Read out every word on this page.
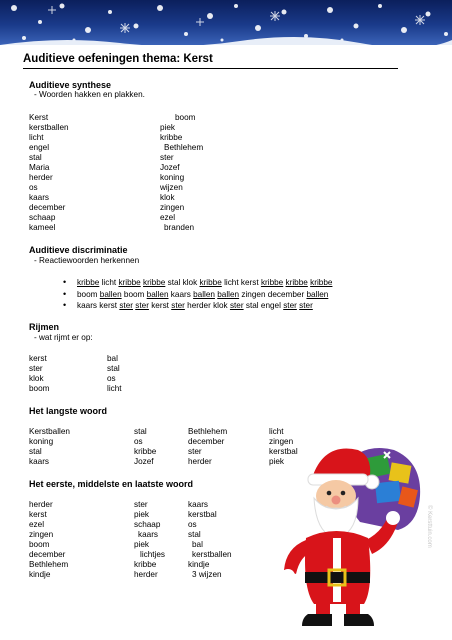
Auditieve oefeningen thema: Kerst
Auditieve synthese
- Woorden hakken en plakken.
Kerst
kerstballen
licht
engel
stal
Maria
herder
os
kaars
december
schaap
kameel
boom
piek
kribbe
Bethlehem
ster
Jozef
koning
wijzen
klok
zingen
ezel
branden
Auditieve discriminatie
- Reactiewoorden herkennen
• kribbe licht kribbe kribbe stal klok kribbe licht kerst kribbe kribbe kribbe
• boom ballen boom ballen kaars ballen ballen zingen december ballen
• kaars kerst ster ster kerst ster herder klok ster stal engel ster ster
Rijmen
- wat rijmt er op:
kerst
ster
klok
boom
bal
stal
os
licht
Het langste woord
Kerstballen
koning
stal
kaars
stal
os
kribbe
Jozef
Bethlehem
december
ster
herder
licht
zingen
kerstbal
piek
Het eerste, middelste en laatste woord
herder
kerst
ezel
zingen
boom
december
Bethlehem
kindje
ster
piek
schaap
kaars
piek
lichtjes
kribbe
herder
kaars
kerstbal
os
stal
bal
kerstballen
kindje
3 wijzen
© Kersttuin.com
